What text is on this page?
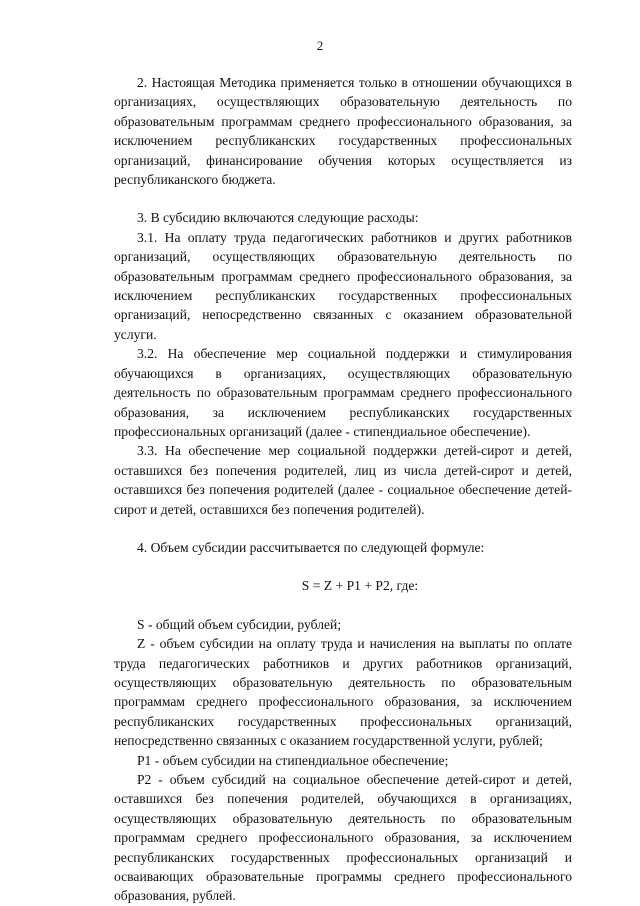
2

2. Настоящая Методика применяется только в отношении обучающихся в организациях, осуществляющих образовательную деятельность по образовательным программам среднего профессионального образования, за исключением республиканских государственных профессиональных организаций, финансирование обучения которых осуществляется из республиканского бюджета.

3. В субсидию включаются следующие расходы:

3.1. На оплату труда педагогических работников и других работников организаций, осуществляющих образовательную деятельность по образовательным программам среднего профессионального образования, за исключением республиканских государственных профессиональных организаций, непосредственно связанных с оказанием образовательной услуги.

3.2. На обеспечение мер социальной поддержки и стимулирования обучающихся в организациях, осуществляющих образовательную деятельность по образовательным программам среднего профессионального образования, за исключением республиканских государственных профессиональных организаций (далее - стипендиальное обеспечение).

3.3. На обеспечение мер социальной поддержки детей-сирот и детей, оставшихся без попечения родителей, лиц из числа детей-сирот и детей, оставшихся без попечения родителей (далее - социальное обеспечение детей-сирот и детей, оставшихся без попечения родителей).

4. Объем субсидии рассчитывается по следующей формуле:

S = Z + P1 + P2, где:

S - общий объем субсидии, рублей;

Z - объем субсидии на оплату труда и начисления на выплаты по оплате труда педагогических работников и других работников организаций, осуществляющих образовательную деятельность по образовательным программам среднего профессионального образования, за исключением республиканских государственных профессиональных организаций, непосредственно связанных с оказанием государственной услуги, рублей;

P1 - объем субсидии на стипендиальное обеспечение;

P2 - объем субсидий на социальное обеспечение детей-сирот и детей, оставшихся без попечения родителей, обучающихся в организациях, осуществляющих образовательную деятельность по образовательным программам среднего профессионального образования, за исключением республиканских государственных профессиональных организаций и осваивающих образовательные программы среднего профессионального образования, рублей.
